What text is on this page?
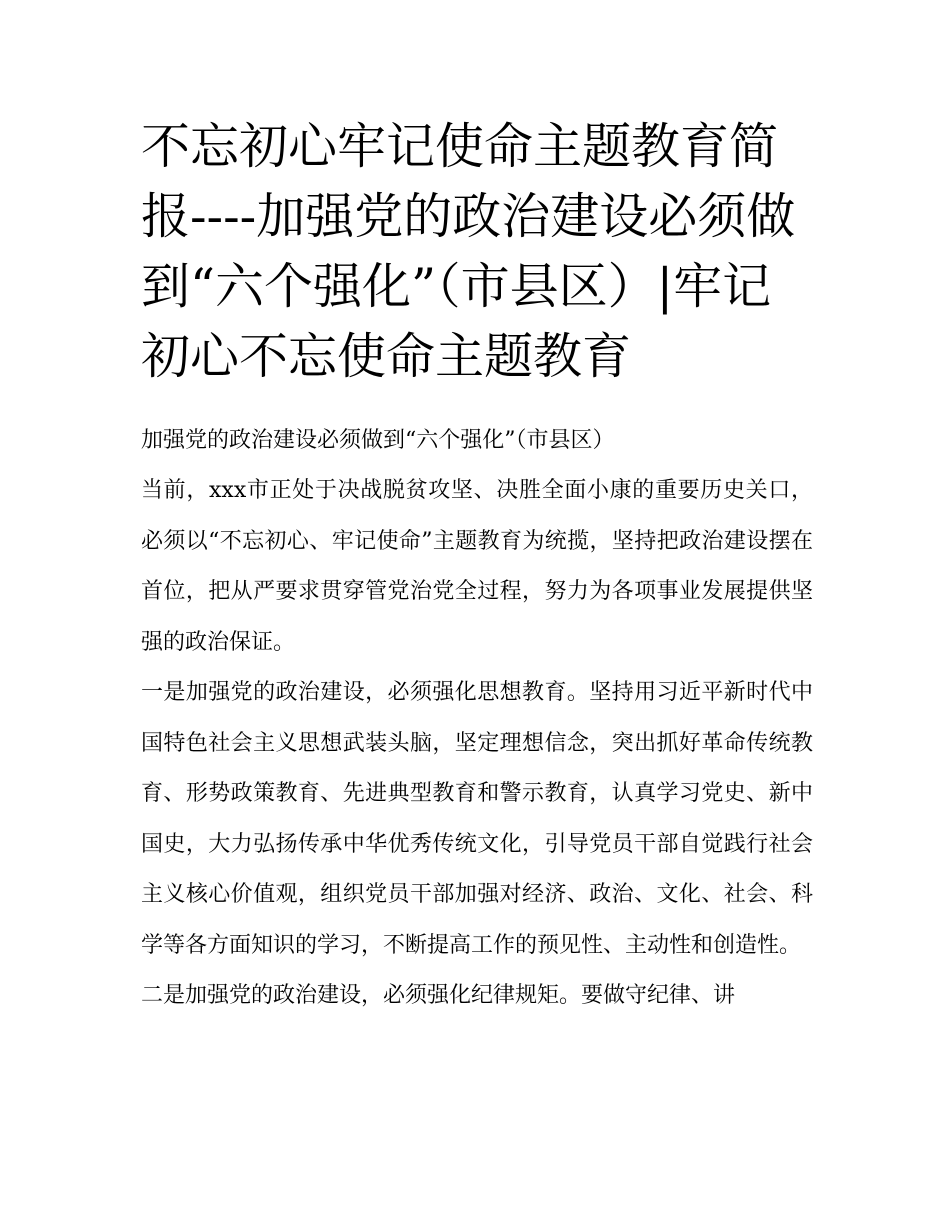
不忘初心牢记使命主题教育简报----加强党的政治建设必须做到“六个强化”（市县区）|牢记初心不忘使命主题教育

加强党的政治建设必须做到“六个强化”（市县区）

当前，xxx市正处于决战脱贫攻坚、决胜全面小康的重要历史关口，必须以“不忘初心、牢记使命”主题教育为统揽，坚持把政治建设摆在首位，把从严要求贯穿管党治党全过程，努力为各项事业发展提供坚强的政治保证。

一是加强党的政治建设，必须强化思想教育。坚持用习近平新时代中国特色社会主义思想武装头脑，坚定理想信念，突出抓好革命传统教育、形势政策教育、先进典型教育和警示教育，认真学习党史、新中国史，大力弘扬传承中华优秀传统文化，引导党员干部自觉践行社会主义核心价值观，组织党员干部加强对经济、政治、文化、社会、科学等各方面知识的学习，不断提高工作的预见性、主动性和创造性。

二是加强党的政治建设，必须强化纪律规矩。要做守纪律、讲
